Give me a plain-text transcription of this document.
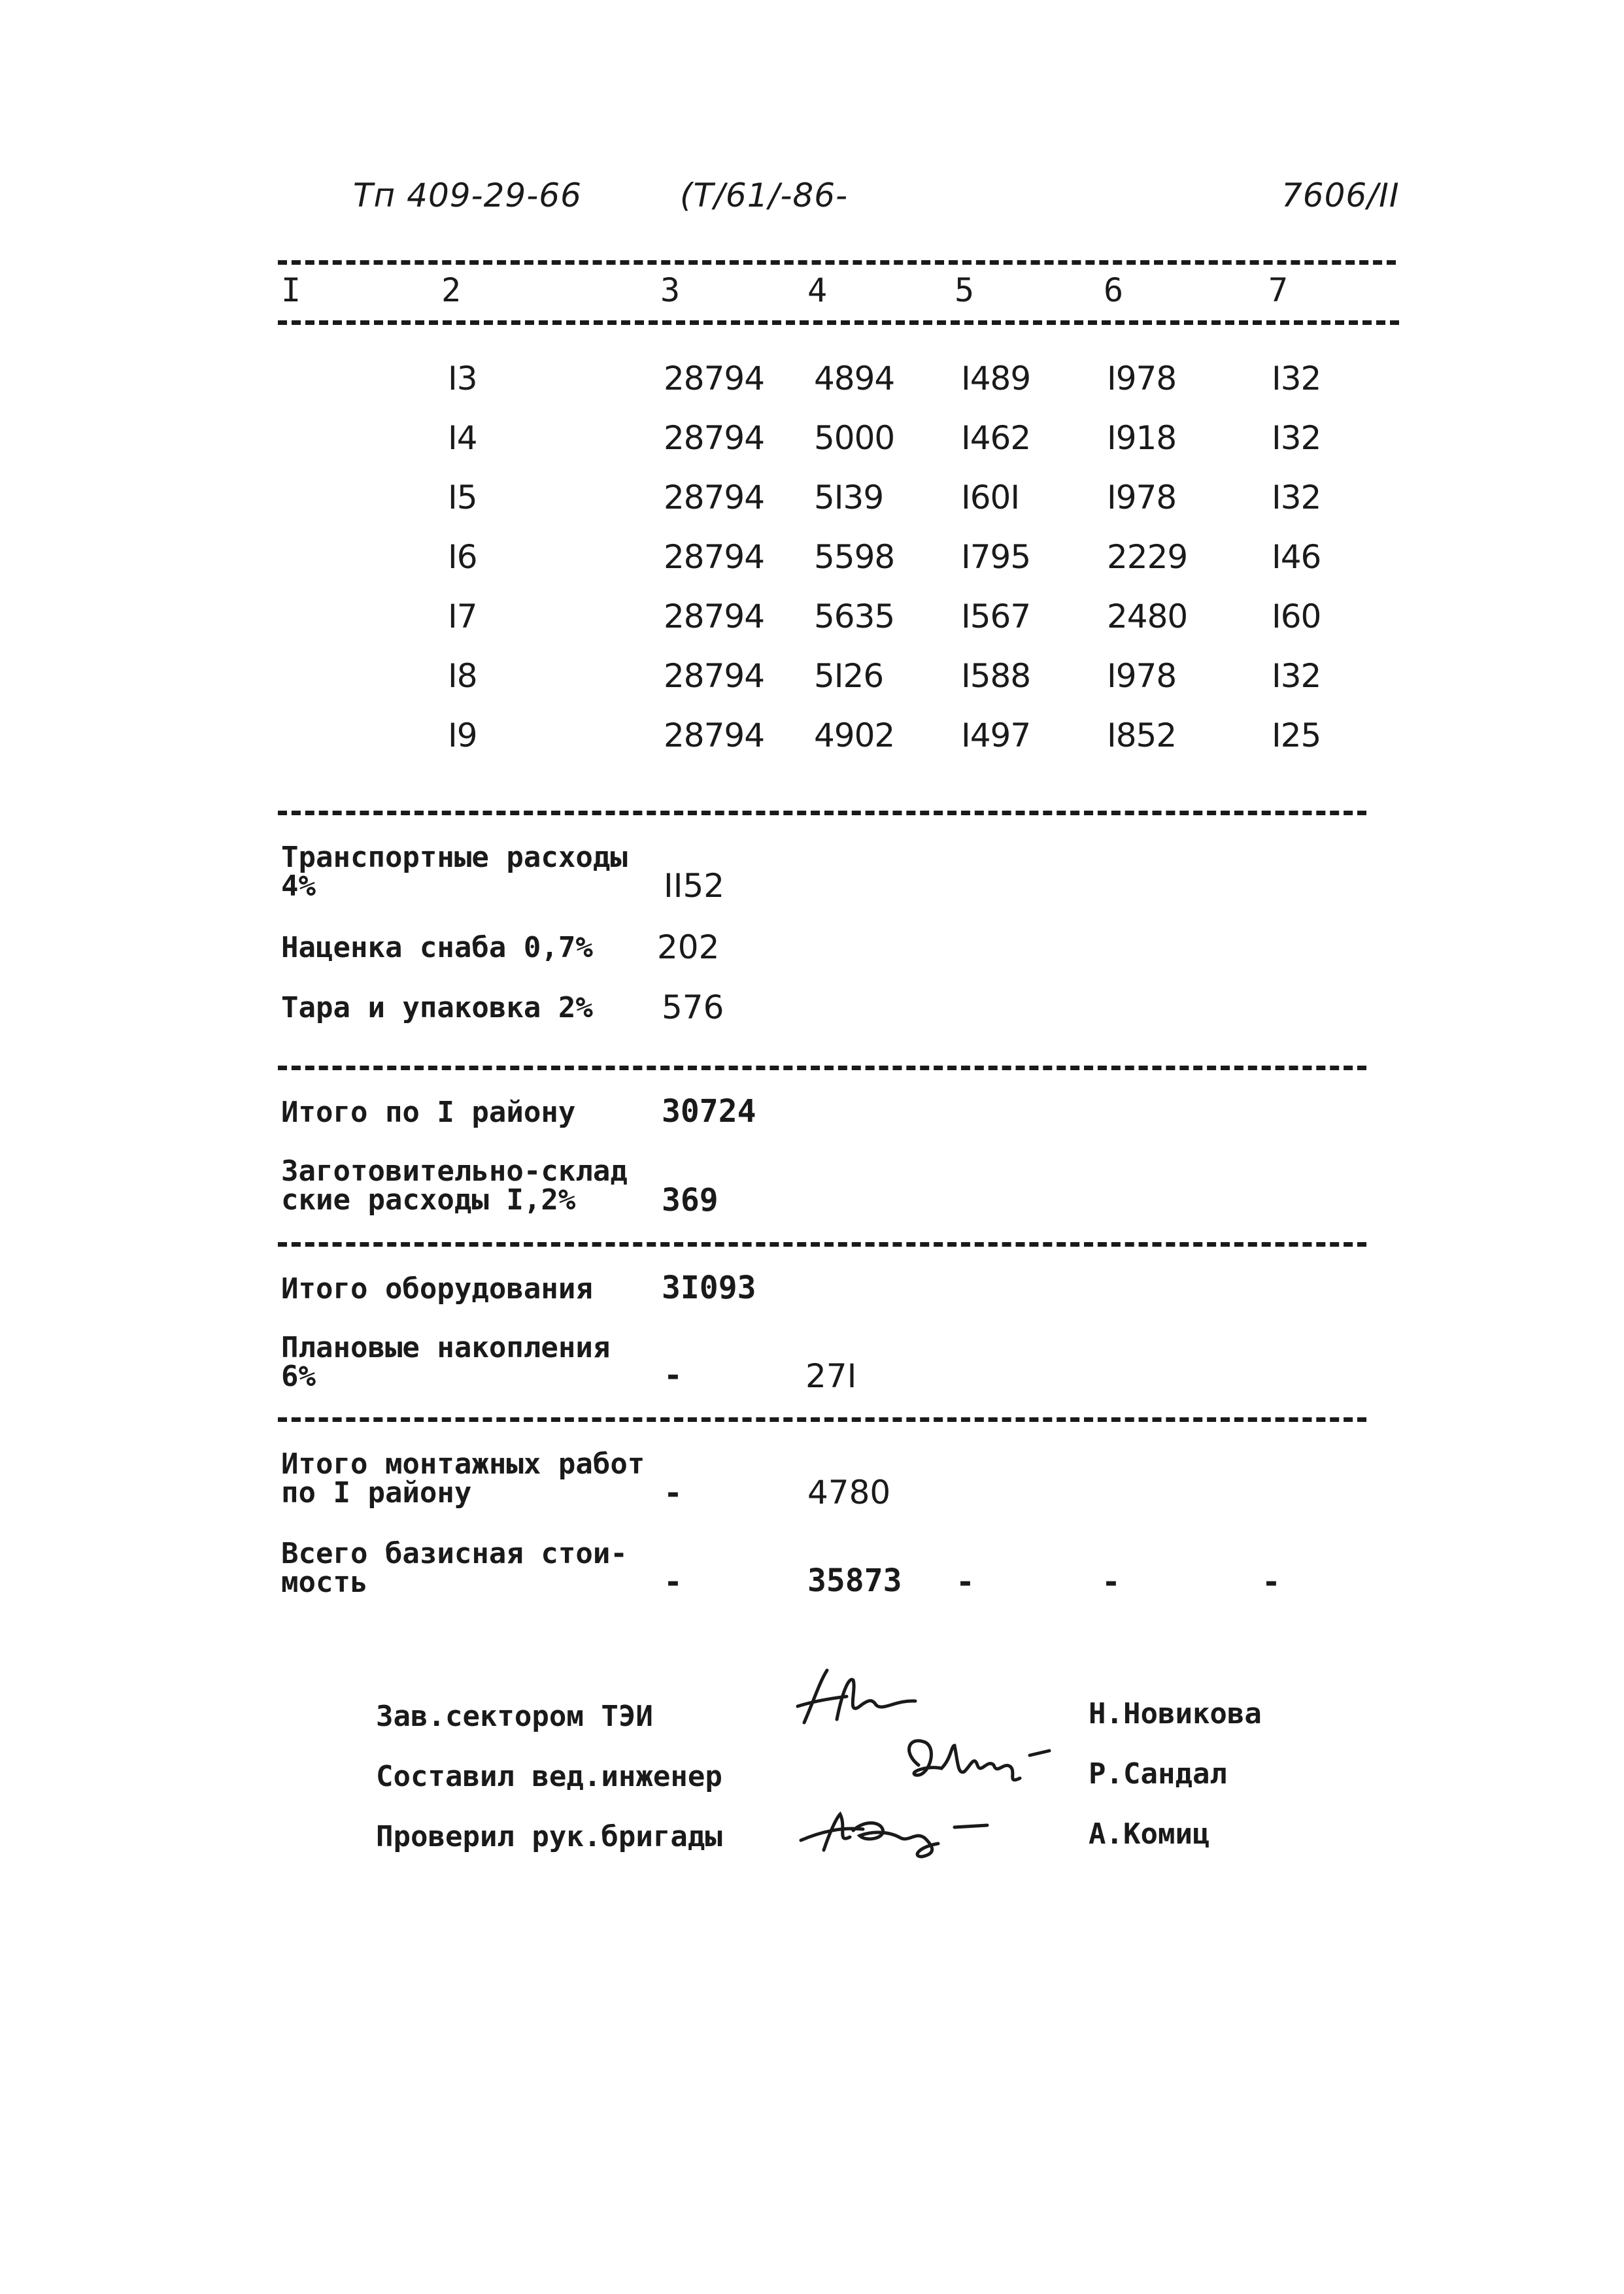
Тп 409-29-66	(Т/61/-86-	7606/II
I	2	3	4	5	6	7
I3	28794 4894 I489 I978	I32
I4	28794 5000 I462 I918	I32
I5	28794 5I39 I60I	I978	I32
I6	28794 5598 I795 2229	I46
I7	28794 5635 I567 2480	I60
I8	28794 5I26 I588 I978	I32
I9	28794 4902 I497 I852	I25
Транспортные расходы
4%	II52
Наценка снаба 0,7% 202
Тара и упаковка 2% 576
Итого по I району	30724
Заготовительно-склад
ские расходы I,2%	369
Итого оборудования 3I093
Плановые накопления
6%	-	27I
Итого монтажных работ
по I району	-	4780
Всего базисная стои-
мость	-	35873 -	-	-
Зав.сектором ТЭИ	Н.Новикова
Составил вед.инженер	Р.Сандал
Проверил рук.бригады	А.Комиц
